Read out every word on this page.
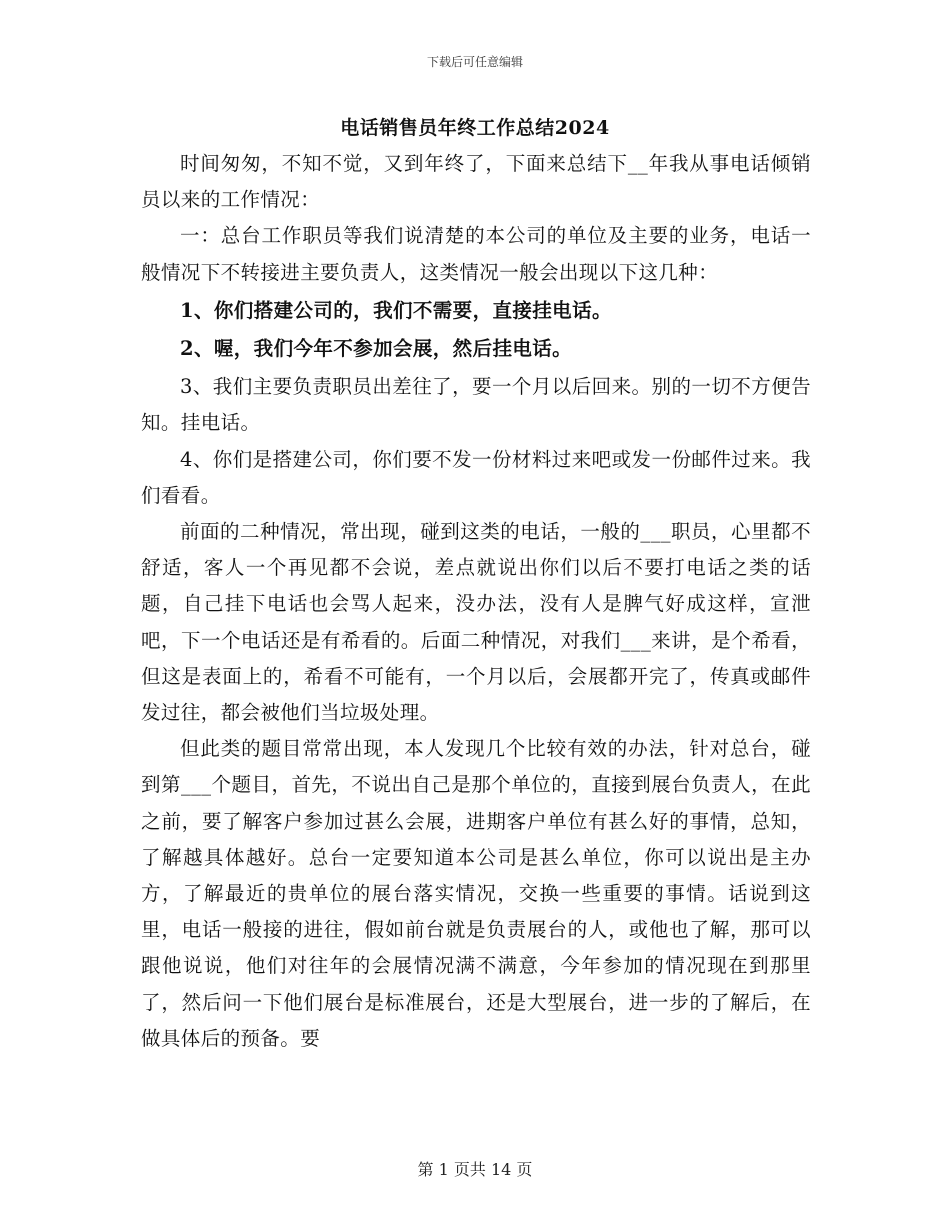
下载后可任意编辑
电话销售员年终工作总结2024

时间匆匆，不知不觉，又到年终了，下面来总结下__年我从事电话倾销员以来的工作情况：

一：总台工作职员等我们说清楚的本公司的单位及主要的业务，电话一般情况下不转接进主要负责人，这类情况一般会出现以下这几种：

1、你们搭建公司的，我们不需要，直接挂电话。

2、喔，我们今年不参加会展，然后挂电话。

3、我们主要负责职员出差往了，要一个月以后回来。别的一切不方便告知。挂电话。

4、你们是搭建公司，你们要不发一份材料过来吧或发一份邮件过来。我们看看。

前面的二种情况，常出现，碰到这类的电话，一般的___职员，心里都不舒适，客人一个再见都不会说，差点就说出你们以后不要打电话之类的话题，自己挂下电话也会骂人起来，没办法，没有人是脾气好成这样，宣泄吧，下一个电话还是有希看的。后面二种情况，对我们___来讲，是个希看，但这是表面上的，希看不可能有，一个月以后，会展都开完了，传真或邮件发过往，都会被他们当垃圾处理。

但此类的题目常常出现，本人发现几个比较有效的办法，针对总台，碰到第___个题目，首先，不说出自己是那个单位的，直接到展台负责人，在此之前，要了解客户参加过甚么会展，进期客户单位有甚么好的事情，总知，了解越具体越好。总台一定要知道本公司是甚么单位，你可以说出是主办方，了解最近的贵单位的展台落实情况，交换一些重要的事情。话说到这里，电话一般接的进往，假如前台就是负责展台的人，或他也了解，那可以跟他说说，他们对往年的会展情况满不满意，今年参加的情况现在到那里了，然后问一下他们展台是标准展台，还是大型展台，进一步的了解后，在做具体后的预备。要

第 1 页共 14 页
